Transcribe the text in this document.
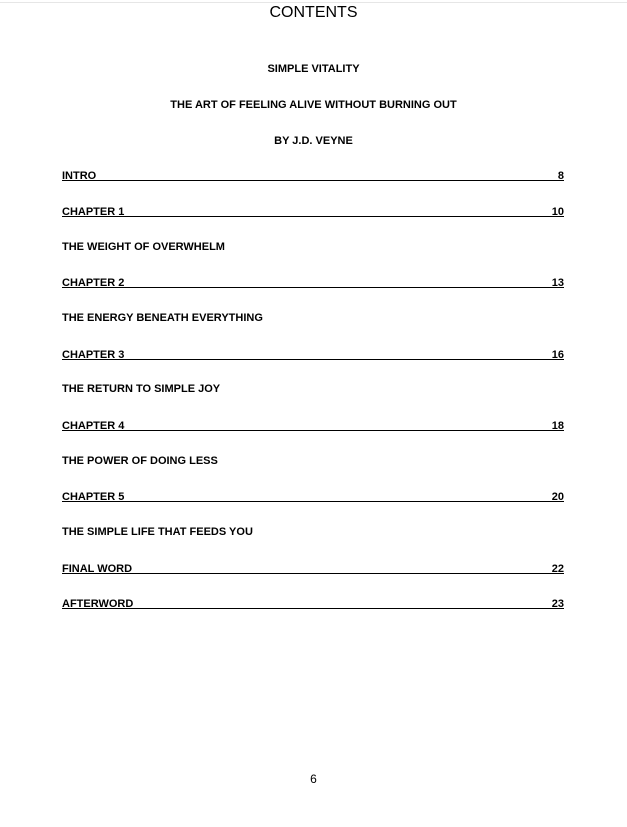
CONTENTS
SIMPLE VITALITY
THE ART OF FEELING ALIVE WITHOUT BURNING OUT
BY J.D. VEYNE
INTRO	8
CHAPTER 1	10
THE WEIGHT OF OVERWHELM
CHAPTER 2	13
THE ENERGY BENEATH EVERYTHING
CHAPTER 3	16
THE RETURN TO SIMPLE JOY
CHAPTER 4	18
THE POWER OF DOING LESS
CHAPTER 5	20
THE SIMPLE LIFE THAT FEEDS YOU
FINAL WORD	22
AFTERWORD	23
6
